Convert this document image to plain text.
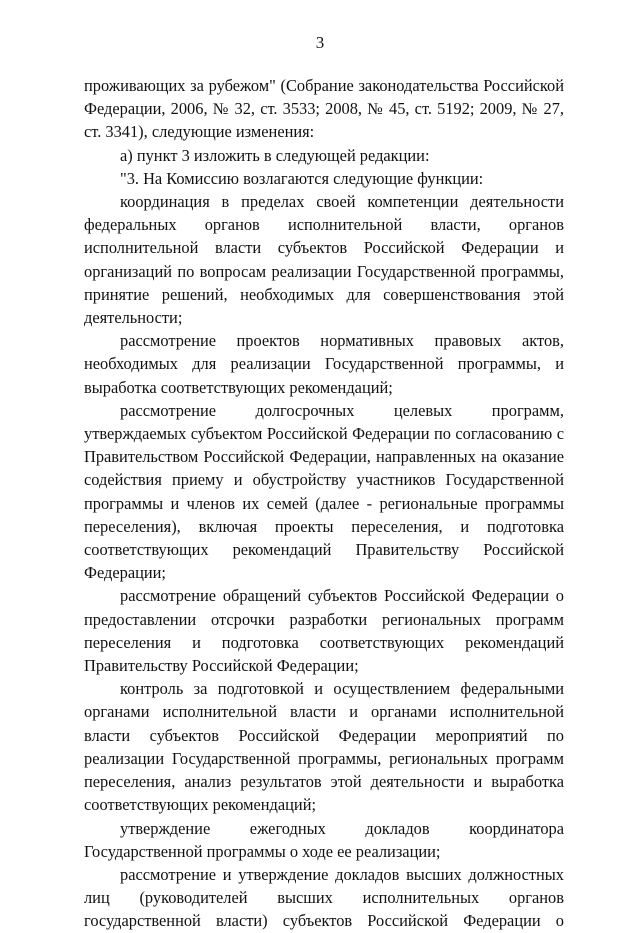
3

проживающих за рубежом" (Собрание законодательства Российской Федерации, 2006, № 32, ст. 3533; 2008, № 45, ст. 5192; 2009, № 27, ст. 3341), следующие изменения:

а) пункт 3 изложить в следующей редакции:

"3. На Комиссию возлагаются следующие функции:

координация в пределах своей компетенции деятельности федеральных органов исполнительной власти, органов исполнительной власти субъектов Российской Федерации и организаций по вопросам реализации Государственной программы, принятие решений, необходимых для совершенствования этой деятельности;

рассмотрение проектов нормативных правовых актов, необходимых для реализации Государственной программы, и выработка соответствующих рекомендаций;

рассмотрение долгосрочных целевых программ, утверждаемых субъектом Российской Федерации по согласованию с Правительством Российской Федерации, направленных на оказание содействия приему и обустройству участников Государственной программы и членов их семей (далее - региональные программы переселения), включая проекты переселения, и подготовка соответствующих рекомендаций Правительству Российской Федерации;

рассмотрение обращений субъектов Российской Федерации о предоставлении отсрочки разработки региональных программ переселения и подготовка соответствующих рекомендаций Правительству Российской Федерации;

контроль за подготовкой и осуществлением федеральными органами исполнительной власти и органами исполнительной власти субъектов Российской Федерации мероприятий по реализации Государственной программы, региональных программ переселения, анализ результатов этой деятельности и выработка соответствующих рекомендаций;

утверждение ежегодных докладов координатора Государственной программы о ходе ее реализации;

рассмотрение и утверждение докладов высших должностных лиц (руководителей высших исполнительных органов государственной власти) субъектов Российской Федерации о
